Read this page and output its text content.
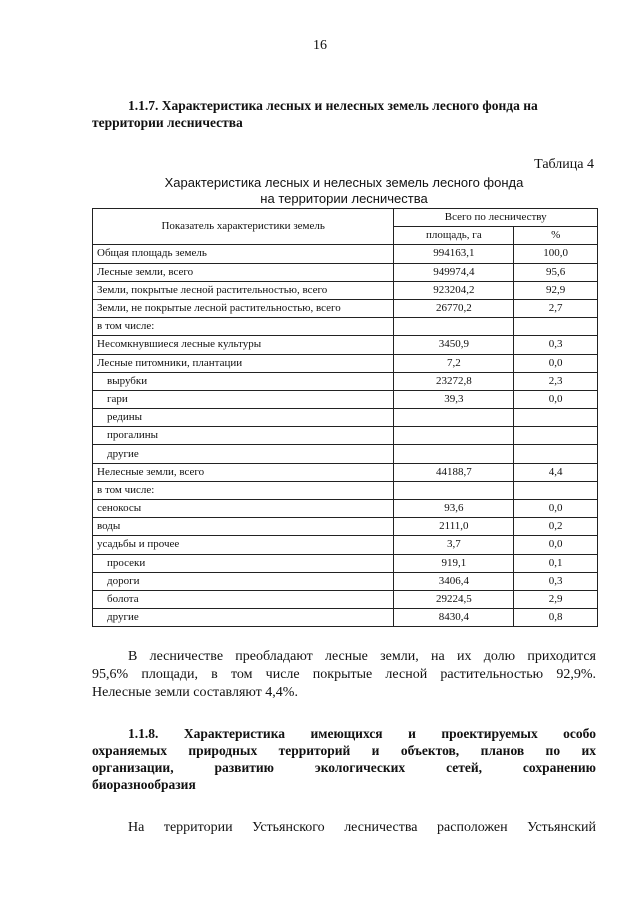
16
1.1.7. Характеристика лесных и нелесных земель лесного фонда на территории лесничества
Таблица 4
Характеристика лесных и нелесных земель лесного фонда
на территории лесничества
Показатель характеристики земель	Всего по лесничеству	
	площадь, га	%
Общая площадь земель	994163,1	100,0
Лесные земли, всего	949974,4	95,6
Земли, покрытые лесной растительностью, всего	923204,2	92,9
Земли, не покрытые лесной растительностью, всего	26770,2	2,7
в том числе:		
Несомкнувшиеся лесные культуры	3450,9	0,3
Лесные питомники, плантации	7,2	0,0
вырубки	23272,8	2,3
гари	39,3	0,0
редины		
прогалины		
другие		
Нелесные земли, всего	44188,7	4,4
в том числе:		
сенокосы	93,6	0,0
воды	2111,0	0,2
усадьбы и прочее	3,7	0,0
просеки	919,1	0,1
дороги	3406,4	0,3
болота	29224,5	2,9
другие	8430,4	0,8
В лесничестве преобладают лесные земли, на их долю приходится
95,6% площади, в том числе покрытые лесной растительностью 92,9%.
Нелесные земли составляют 4,4%.
1.1.8. Характеристика имеющихся и проектируемых особо
охраняемых природных территорий и объектов, планов по их
организации, развитию экологических сетей, сохранению
биоразнообразия
На территории Устьянского лесничества расположен Устьянский
